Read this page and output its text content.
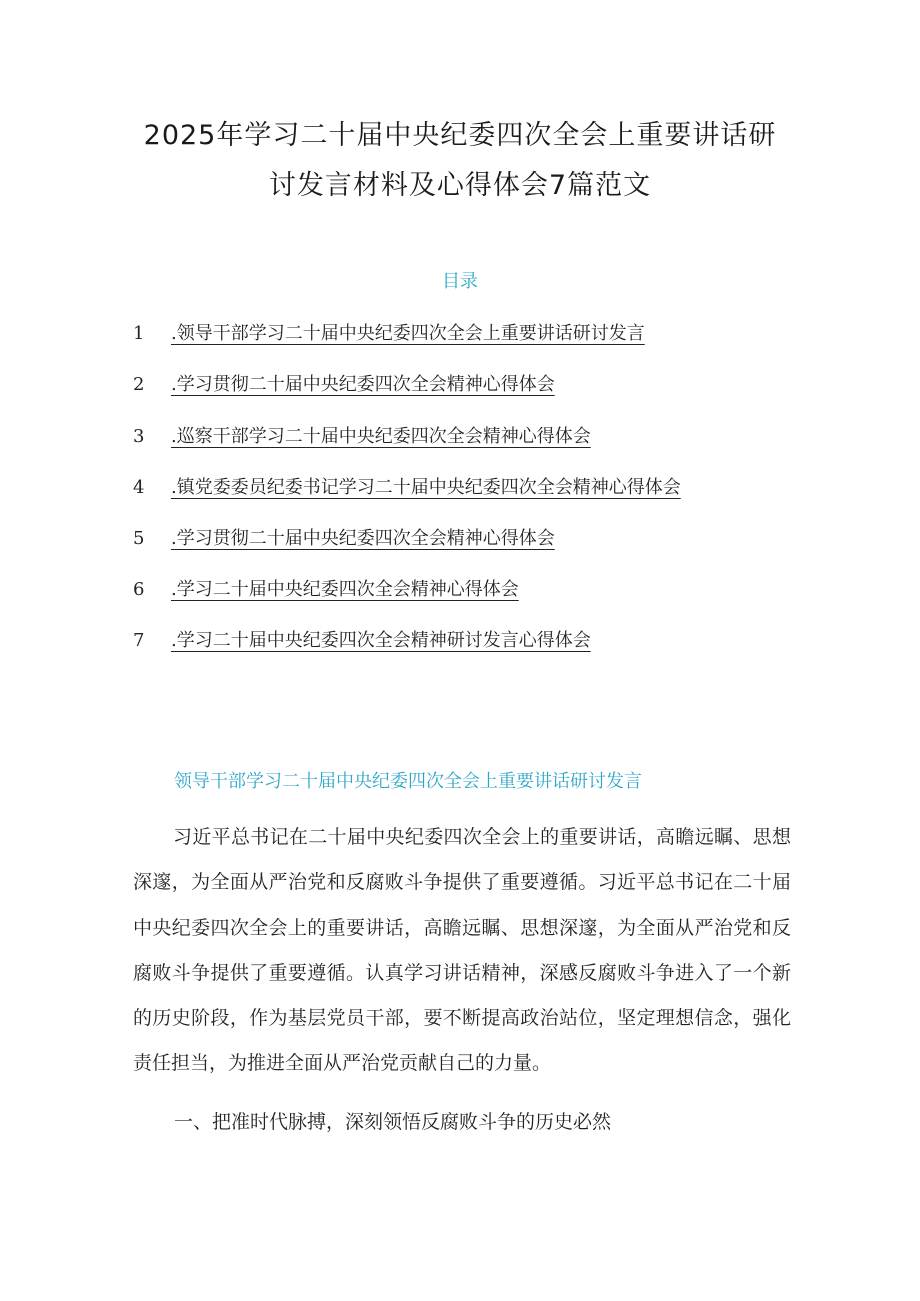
2025年学习二十届中央纪委四次全会上重要讲话研
讨发言材料及心得体会7篇范文
目录
1 .领导干部学习二十届中央纪委四次全会上重要讲话研讨发言
2 .学习贯彻二十届中央纪委四次全会精神心得体会
3 .巡察干部学习二十届中央纪委四次全会精神心得体会
4 .镇党委委员纪委书记学习二十届中央纪委四次全会精神心得体会
5 .学习贯彻二十届中央纪委四次全会精神心得体会
6 .学习二十届中央纪委四次全会精神心得体会
7 .学习二十届中央纪委四次全会精神研讨发言心得体会
领导干部学习二十届中央纪委四次全会上重要讲话研讨发言

习近平总书记在二十届中央纪委四次全会上的重要讲话，高瞻远瞩、思想深邃，为全面从严治党和反腐败斗争提供了重要遵循。习近平总书记在二十届中央纪委四次全会上的重要讲话，高瞻远瞩、思想深邃，为全面从严治党和反腐败斗争提供了重要遵循。认真学习讲话精神，深感反腐败斗争进入了一个新的历史阶段，作为基层党员干部，要不断提高政治站位，坚定理想信念，强化责任担当，为推进全面从严治党贡献自己的力量。

一、把准时代脉搏，深刻领悟反腐败斗争的历史必然
